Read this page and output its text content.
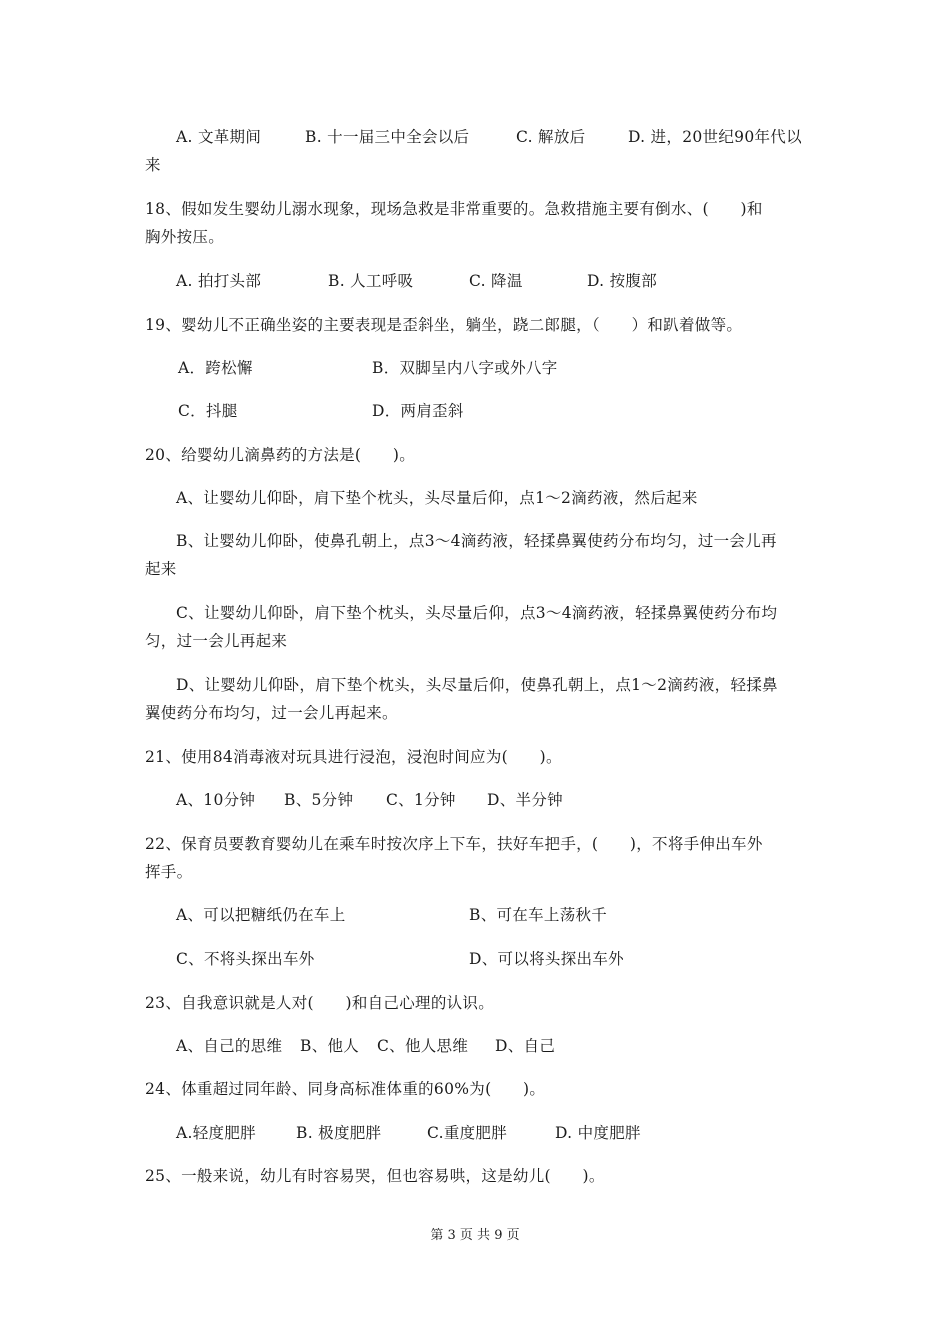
A. 文革期间	B. 十一届三中全会以后	C. 解放后	D. 进，20世纪90年代以
来
18、假如发生婴幼儿溺水现象，现场急救是非常重要的。急救措施主要有倒水、(　　)和
胸外按压。
A. 拍打头部	B. 人工呼吸	C. 降温	D. 按腹部
19、婴幼儿不正确坐姿的主要表现是歪斜坐，躺坐，跷二郎腿，（　　）和趴着做等。
A．跨松懈	B．双脚呈内八字或外八字
C．抖腿	D．两肩歪斜
20、给婴幼儿滴鼻药的方法是(　　)。
A、让婴幼儿仰卧，肩下垫个枕头，头尽量后仰，点1～2滴药液，然后起来
B、让婴幼儿仰卧，使鼻孔朝上，点3～4滴药液，轻揉鼻翼使药分布均匀，过一会儿再
起来
C、让婴幼儿仰卧，肩下垫个枕头，头尽量后仰，点3～4滴药液，轻揉鼻翼使药分布均
匀，过一会儿再起来
D、让婴幼儿仰卧，肩下垫个枕头，头尽量后仰，使鼻孔朝上，点1～2滴药液，轻揉鼻
翼使药分布均匀，过一会儿再起来。
21、使用84消毒液对玩具进行浸泡，浸泡时间应为(　　)。
A、10分钟 B、5分钟 C、1分钟 D、半分钟
22、保育员要教育婴幼儿在乘车时按次序上下车，扶好车把手，(　　)，不将手伸出车外
挥手。
A、可以把糖纸仍在车上	B、可在车上荡秋千
C、不将头探出车外	D、可以将头探出车外
23、自我意识就是人对(　　)和自己心理的认识。
A、自己的思维 B、他人 C、他人思维 D、自己
24、体重超过同年龄、同身高标准体重的60%为(　　)。
A.轻度肥胖	B. 极度肥胖	C.重度肥胖	D. 中度肥胖
25、一般来说，幼儿有时容易哭，但也容易哄，这是幼儿(　　)。
第 3 页 共 9 页
